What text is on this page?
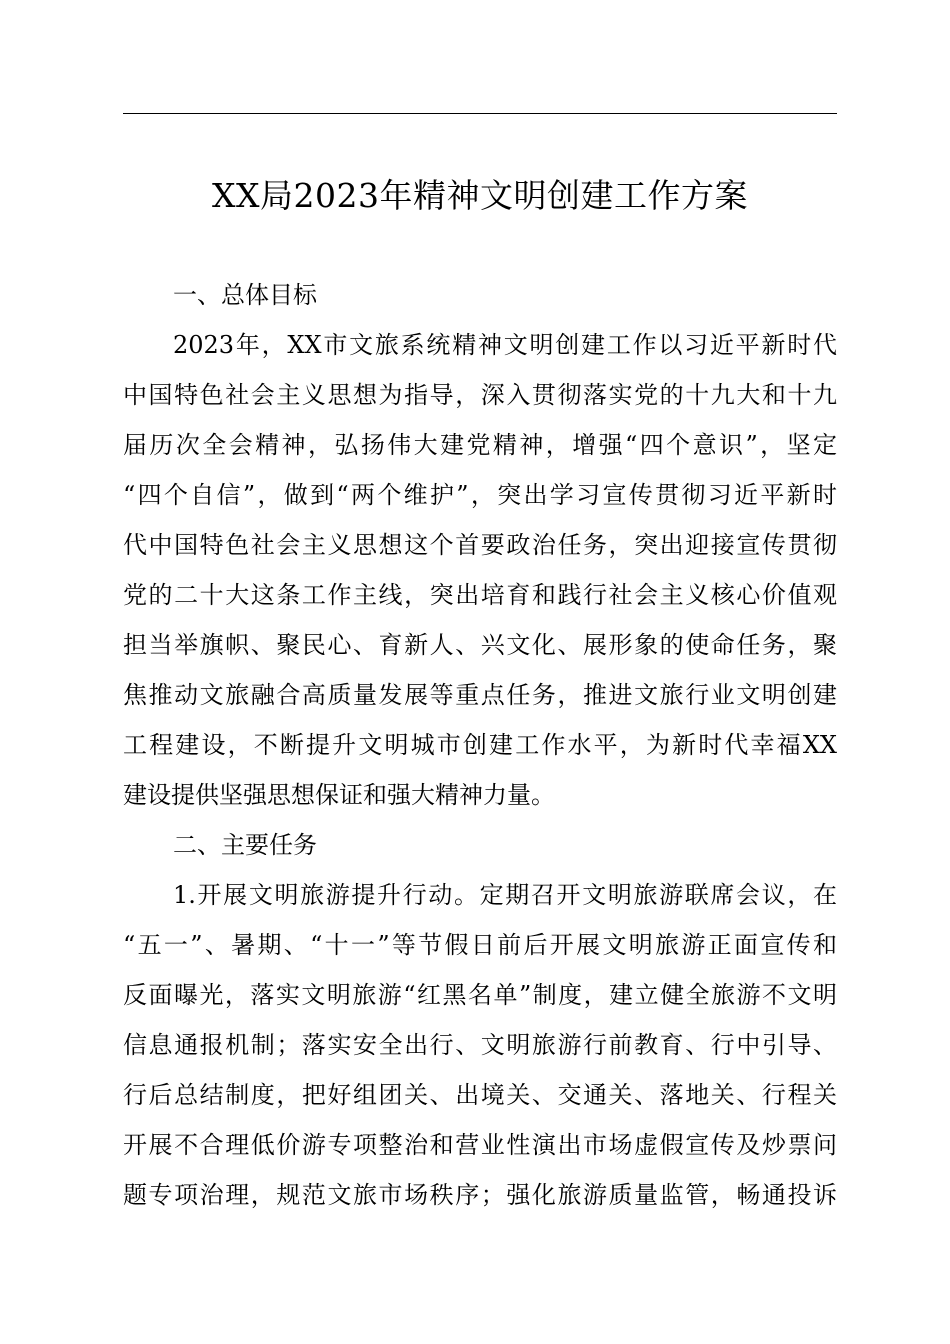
XX局2023年精神文明创建工作方案
一、总体目标
2023年，XX市文旅系统精神文明创建工作以习近平新时代
中国特色社会主义思想为指导，深入贯彻落实党的十九大和十九
届历次全会精神，弘扬伟大建党精神，增强“四个意识”，坚定
“四个自信”，做到“两个维护”，突出学习宣传贯彻习近平新时
代中国特色社会主义思想这个首要政治任务，突出迎接宣传贯彻
党的二十大这条工作主线，突出培育和践行社会主义核心价值观
担当举旗帜、聚民心、育新人、兴文化、展形象的使命任务，聚
焦推动文旅融合高质量发展等重点任务，推进文旅行业文明创建
工程建设，不断提升文明城市创建工作水平，为新时代幸福XX
建设提供坚强思想保证和强大精神力量。
二、主要任务
1.开展文明旅游提升行动。定期召开文明旅游联席会议，在
“五一”、暑期、“十一”等节假日前后开展文明旅游正面宣传和
反面曝光，落实文明旅游“红黑名单”制度，建立健全旅游不文明
信息通报机制；落实安全出行、文明旅游行前教育、行中引导、
行后总结制度，把好组团关、出境关、交通关、落地关、行程关
开展不合理低价游专项整治和营业性演出市场虚假宣传及炒票问
题专项治理，规范文旅市场秩序；强化旅游质量监管，畅通投诉
